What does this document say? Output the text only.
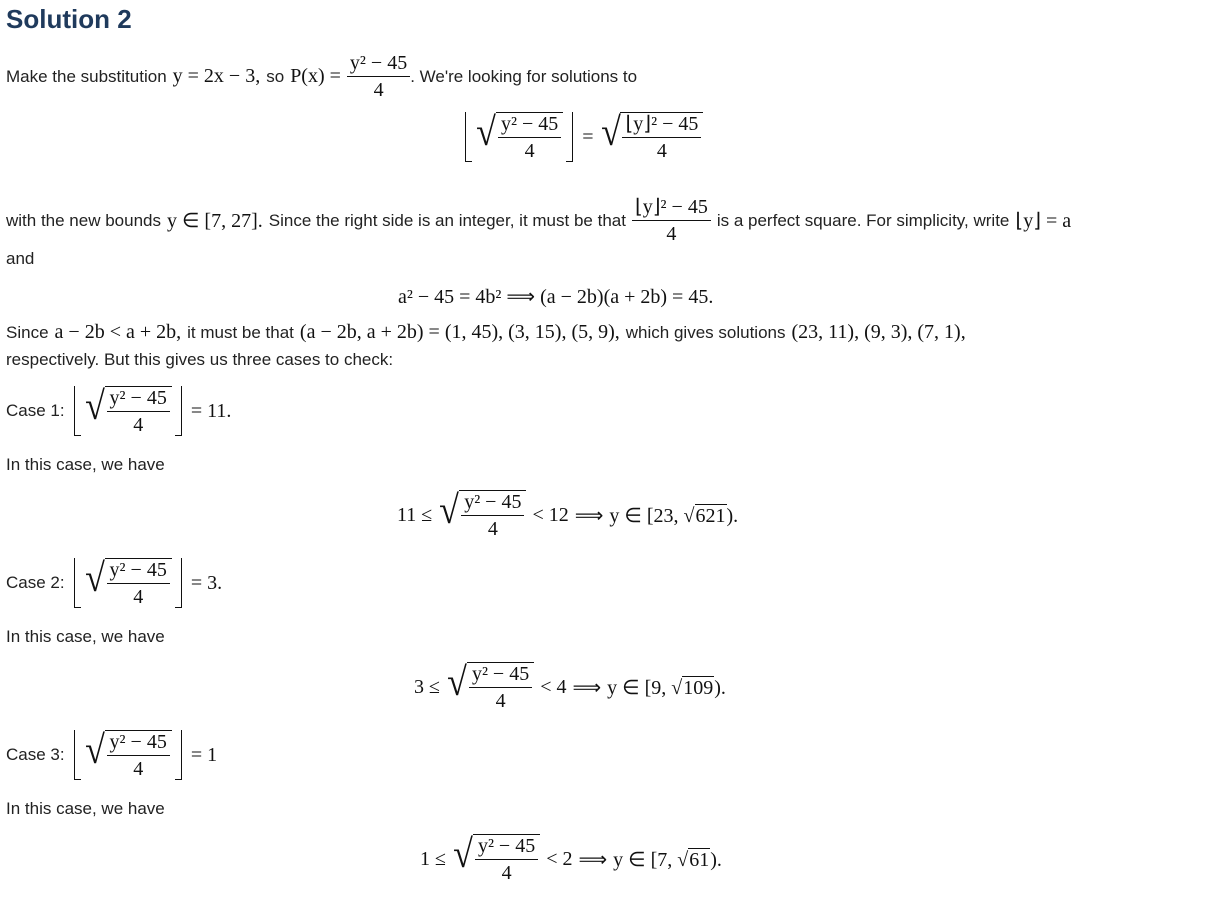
Solution 2
Make the substitution y = 2x − 3, so $P(x) = \frac{\text{y² − 45}}{4}$ . We're looking for solutions to
√ $\frac{\text{y² − 45}}{4}$ = √ $\frac{\text{⌊y⌋² − 45}}{4}$
with the new bounds y ∈ [7, 27]. Since the right side is an integer, it must be that $\frac{\text{⌊y⌋² − 45}}{4}$ is a perfect square. For simplicity, write ⌊y⌋ = a
and
a² − 45 = 4b² ⟹ (a − 2b)(a + 2b) = 45.
Since a − 2b < a + 2b, it must be that (a − 2b, a + 2b) = (1, 45), (3, 15), (5, 9), which gives solutions (23, 11), (9, 3), (7, 1),
respectively. But this gives us three cases to check:
Case 1: √ $\frac{\text{y² − 45}}{4} = 11$.
In this case, we have
11 ≤ √ $\frac{\text{y² − 45}}{4} < 12$ ⟹ y ∈ [23, √621).
Case 2: √ $\frac{\text{y² − 45}}{4} = 3$.
In this case, we have
3 ≤ √ $\frac{\text{y² − 45}}{4} < 4$ ⟹ y ∈ [9, √109).
Case 3: √ $\frac{\text{y² − 45}}{4} = 1$
In this case, we have
1 ≤ √ $\frac{\text{y² − 45}}{4} < 2$ ⟹ y ∈ [7, √61).
